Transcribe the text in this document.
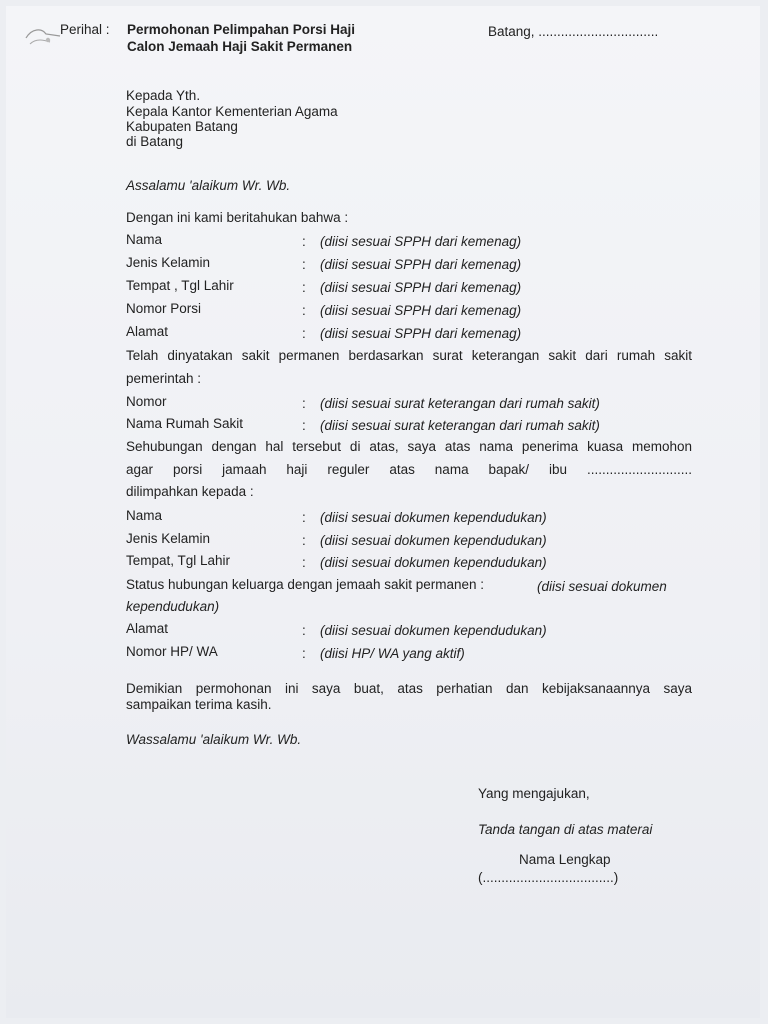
Perihal : Permohonan Pelimpahan Porsi Haji
Calon Jemaah Haji Sakit Permanen
Batang, ................................
Kepada Yth.
Kepala Kantor Kementerian Agama
Kabupaten Batang
di Batang
Assalamu 'alaikum Wr. Wb.
Dengan ini kami beritahukan bahwa :
Nama	: (diisi sesuai SPPH dari kemenag)
Jenis Kelamin	: (diisi sesuai SPPH dari kemenag)
Tempat , Tgl Lahir	: (diisi sesuai SPPH dari kemenag)
Nomor Porsi	: (diisi sesuai SPPH dari kemenag)
Alamat	: (diisi sesuai SPPH dari kemenag)
Telah dinyatakan sakit permanen berdasarkan surat keterangan sakit dari rumah sakit
pemerintah :
Nomor	: (diisi sesuai surat keterangan dari rumah sakit)
Nama Rumah Sakit	: (diisi sesuai surat keterangan dari rumah sakit)
Sehubungan dengan hal tersebut di atas, saya atas nama penerima kuasa memohon
agar porsi jamaah haji reguler atas nama bapak/ ibu ............................
dilimpahkan kepada :
Nama	: (diisi sesuai dokumen kependudukan)
Jenis Kelamin	: (diisi sesuai dokumen kependudukan)
Tempat, Tgl Lahir	: (diisi sesuai dokumen kependudukan)
Status hubungan keluarga dengan jemaah sakit permanen :	(diisi sesuai dokumen
kependudukan)
Alamat	: (diisi sesuai dokumen kependudukan)
Nomor HP/ WA	: (diisi HP/ WA yang aktif)
Demikian permohonan ini saya buat, atas perhatian dan kebijaksanaannya saya
sampaikan terima kasih.
Wassalamu 'alaikum Wr. Wb.
Yang mengajukan,
Tanda tangan di atas materai
Nama Lengkap
(...................................)
